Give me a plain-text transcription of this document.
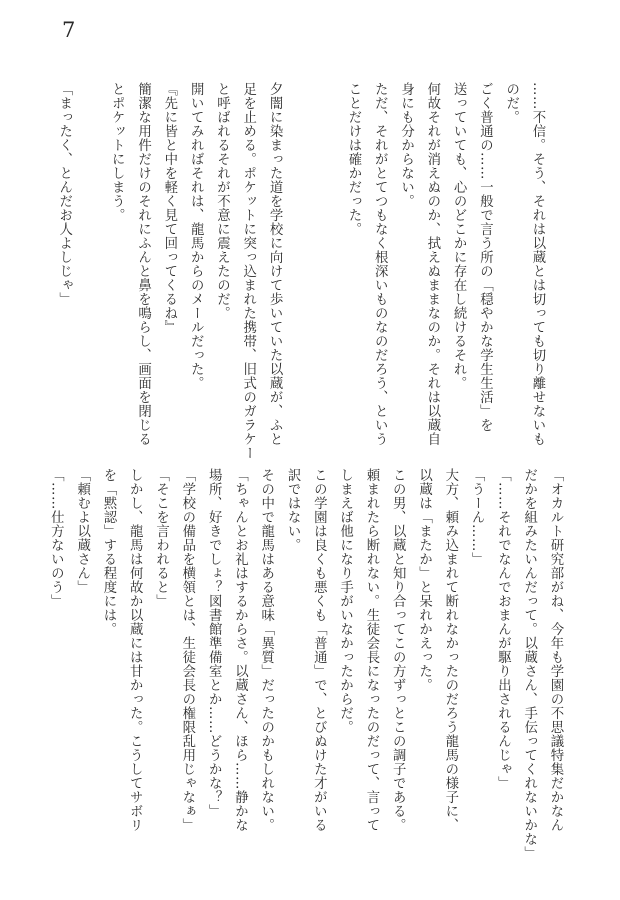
7
……不信。そう、それは以蔵とは切っても切り離せないも
のだ。
ごく普通の……一般で言う所の「穏やかな学生生活」を
送っていても、心のどこかに存在し続けるそれ。
何故それが消えぬのか、拭えぬままなのか。それは以蔵自
身にも分からない。
ただ、それがとてつもなく根深いものなのだろう、という
ことだけは確かだった。

夕闇に染まった道を学校に向けて歩いていた以蔵が、ふと
足を止める。ポケットに突っ込まれた携帯、旧式のガラケー
と呼ばれるそれが不意に震えたのだ。
開いてみればそれは、龍馬からのメールだった。
『先に皆と中を軽く見て回ってくるね』
簡潔な用件だけのそれにふんと鼻を鳴らし、画面を閉じる
とポケットにしまう。

「まったく、とんだお人よしじゃ」
「オカルト研究部がね、今年も学園の不思議特集だかなん
だかを組みたいんだって。以蔵さん、手伝ってくれないかな」
「……それでなんでおまんが駆り出されるんじゃ」
「うーん……」
大方、頼み込まれて断れなかったのだろう龍馬の様子に、
以蔵は「またか」と呆れかえった。
この男、以蔵と知り合ってこの方ずっとこの調子である。
頼まれたら断れない。生徒会長になったのだって、言って
しまえば他になり手がいなかったからだ。
この学園は良くも悪くも「普通」で、とびぬけた才がいる
訳ではない。
その中で龍馬はある意味「異質」だったのかもしれない。
「ちゃんとお礼はするからさ。以蔵さん、ほら……静かな
場所、好きでしょ？図書館準備室とか……どうかな？」
「学校の備品を横領とは、生徒会長の権限乱用じゃなぁ」
「そこを言われると」
しかし、龍馬は何故か以蔵には甘かった。こうしてサボリ
を「黙認」する程度には。
「頼むよ以蔵さん」
「……仕方ないのう」
